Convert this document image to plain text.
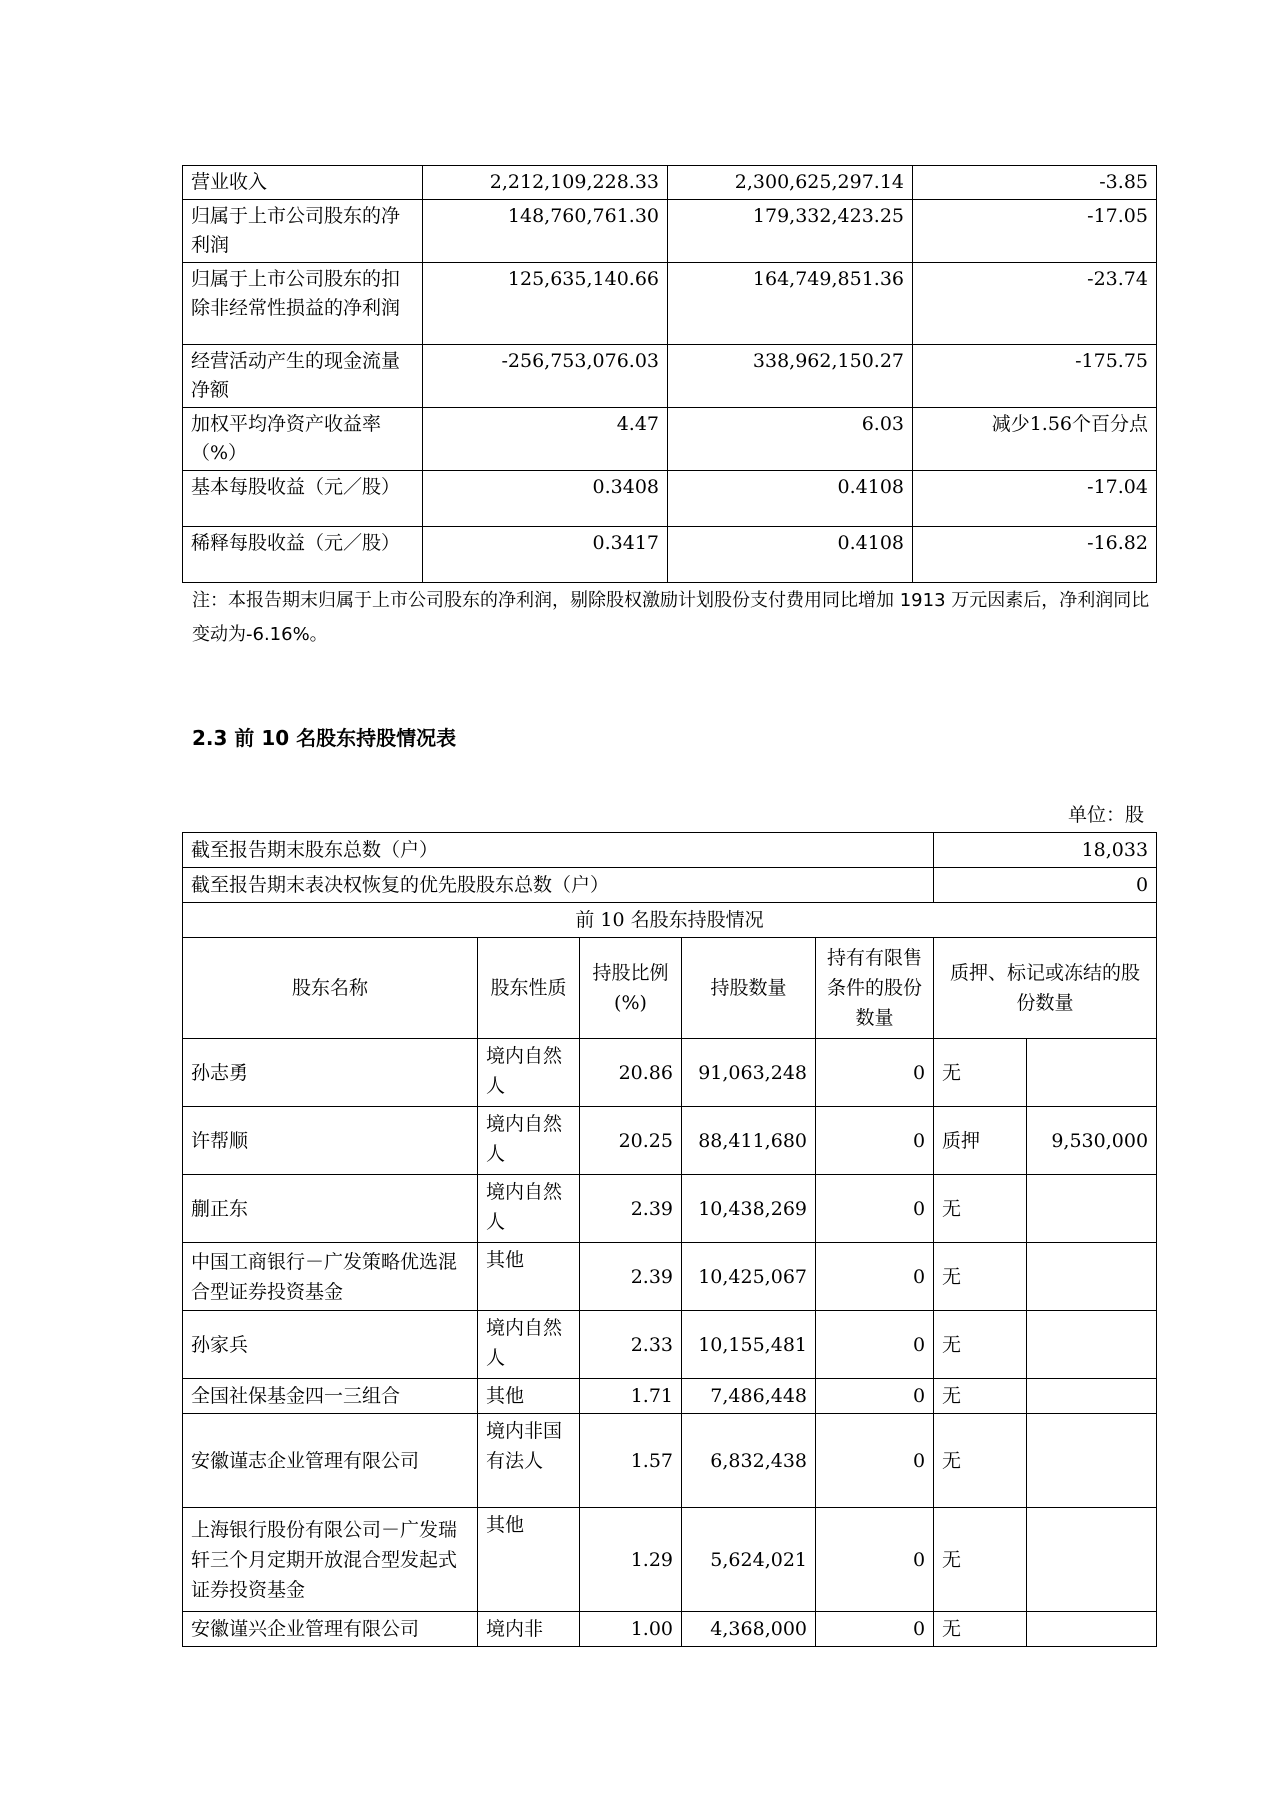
营业收入	2,212,109,228.33	2,300,625,297.14	-3.85
归属于上市公司股东的净利润	148,760,761.30	179,332,423.25	-17.05
归属于上市公司股东的扣除非经常性损益的净利润	125,635,140.66	164,749,851.36	-23.74
经营活动产生的现金流量净额	-256,753,076.03	338,962,150.27	-175.75
加权平均净资产收益率（%）	4.47	6.03	减少1.56个百分点
基本每股收益（元／股）	0.3408	0.4108	-17.04
稀释每股收益（元／股）	0.3417	0.4108	-16.82
注：本报告期末归属于上市公司股东的净利润，剔除股权激励计划股份支付费用同比增加 1913 万元因素后，净利润同比变动为-6.16%。
2.3 前 10 名股东持股情况表
单位：股
截至报告期末股东总数（户）					18,033	
截至报告期末表决权恢复的优先股股东总数（户）					0	
前 10 名股东持股情况						
股东名称	股东性质	持股比例(%)	持股数量	持有有限售条件的股份数量	质押、标记或冻结的股份数量	
孙志勇	境内自然人	20.86	91,063,248	0	无	
许帮顺	境内自然人	20.25	88,411,680	0	质押	9,530,000
蒯正东	境内自然人	2.39	10,438,269	0	无	
中国工商银行－广发策略优选混合型证券投资基金	其他	2.39	10,425,067	0	无	
孙家兵	境内自然人	2.33	10,155,481	0	无	
全国社保基金四一三组合	其他	1.71	7,486,448	0	无	
安徽谨志企业管理有限公司	境内非国有法人	1.57	6,832,438	0	无	
上海银行股份有限公司－广发瑞轩三个月定期开放混合型发起式证券投资基金	其他	1.29	5,624,021	0	无	
安徽谨兴企业管理有限公司	境内非	1.00	4,368,000	0	无	
